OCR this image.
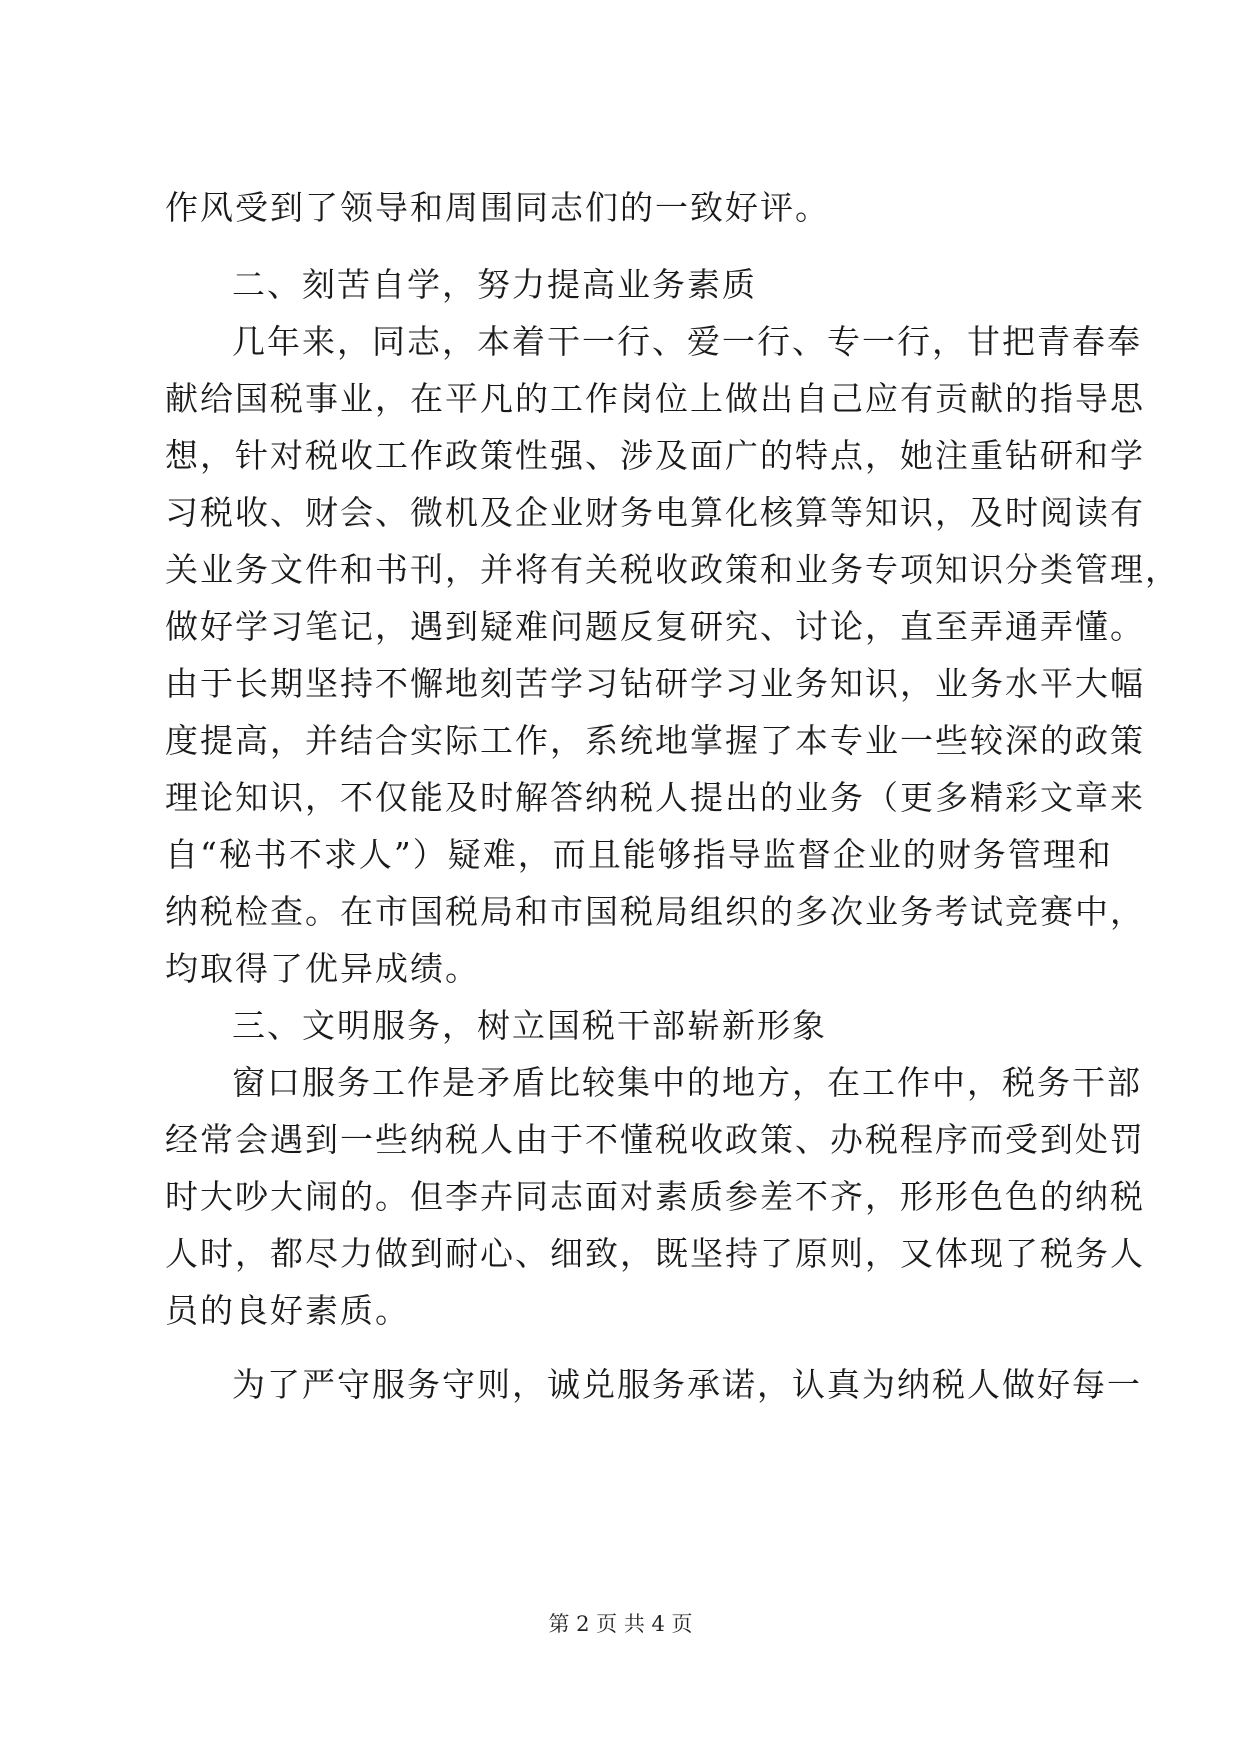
作风受到了领导和周围同志们的一致好评。
二、刻苦自学，努力提高业务素质
几年来，同志，本着干一行、爱一行、专一行，甘把青春奉
献给国税事业，在平凡的工作岗位上做出自己应有贡献的指导思
想，针对税收工作政策性强、涉及面广的特点，她注重钻研和学
习税收、财会、微机及企业财务电算化核算等知识，及时阅读有
关业务文件和书刊，并将有关税收政策和业务专项知识分类管理，
做好学习笔记，遇到疑难问题反复研究、讨论，直至弄通弄懂。
由于长期坚持不懈地刻苦学习钻研学习业务知识，业务水平大幅
度提高，并结合实际工作，系统地掌握了本专业一些较深的政策
理论知识，不仅能及时解答纳税人提出的业务（更多精彩文章来
自“秘书不求人”）疑难，而且能够指导监督企业的财务管理和
纳税检查。在市国税局和市国税局组织的多次业务考试竞赛中，
均取得了优异成绩。
三、文明服务，树立国税干部崭新形象
窗口服务工作是矛盾比较集中的地方，在工作中，税务干部
经常会遇到一些纳税人由于不懂税收政策、办税程序而受到处罚
时大吵大闹的。但李卉同志面对素质参差不齐，形形色色的纳税
人时，都尽力做到耐心、细致，既坚持了原则，又体现了税务人
员的良好素质。
为了严守服务守则，诚兑服务承诺，认真为纳税人做好每一
第 2 页 共 4 页
